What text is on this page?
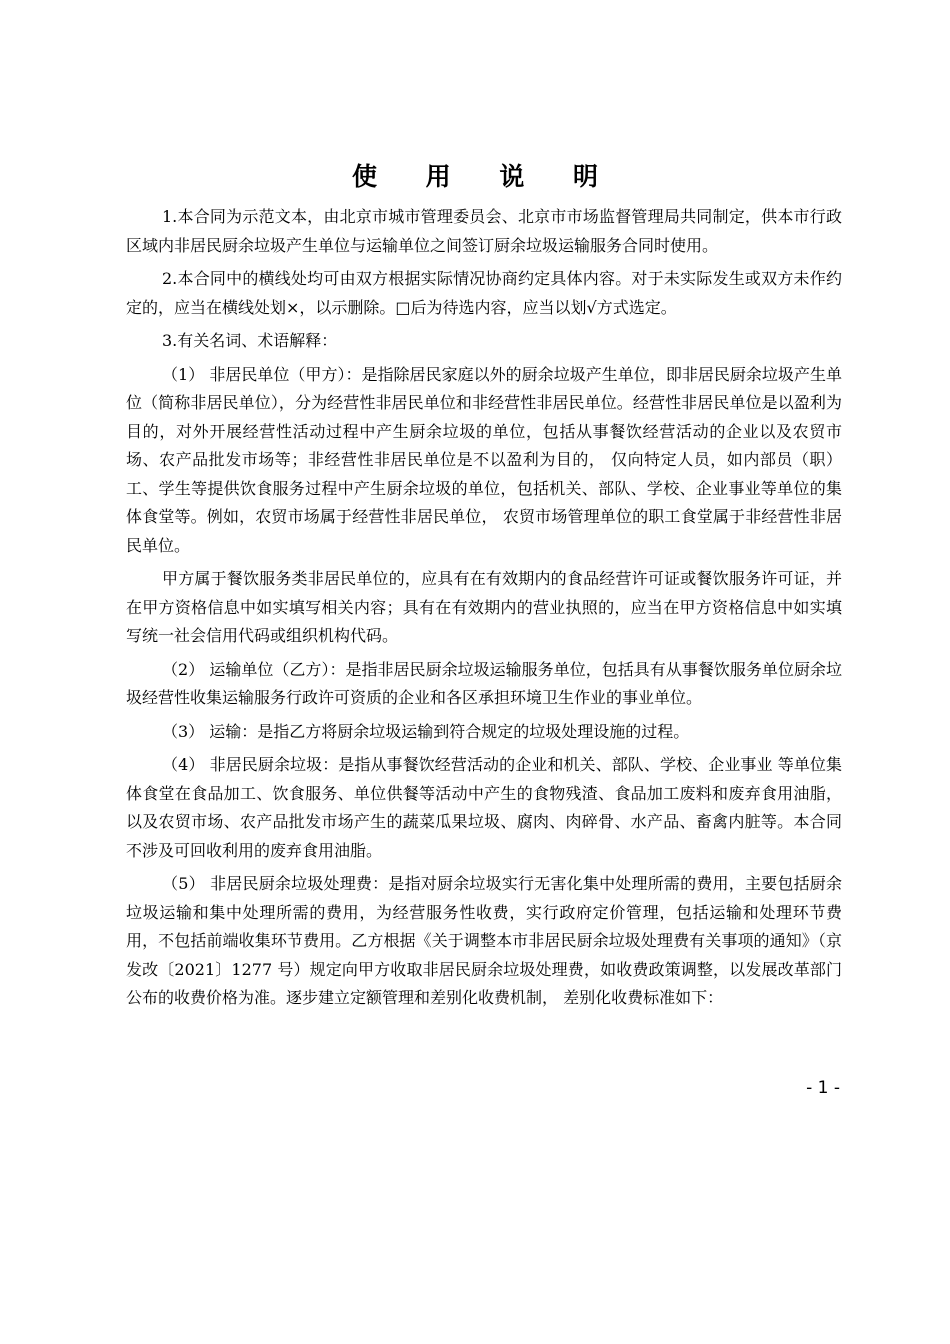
使 用 说 明

1.本合同为示范文本，由北京市城市管理委员会、北京市市场监督管理局共同制定，供本市行政区域内非居民厨余垃圾产生单位与运输单位之间签订厨余垃圾运输服务合同时使用。

2.本合同中的横线处均可由双方根据实际情况协商约定具体内容。对于未实际发生或双方未作约定的，应当在横线处划×，以示删除。□后为待选内容，应当以划√方式选定。

3.有关名词、术语解释：

（1） 非居民单位（甲方）：是指除居民家庭以外的厨余垃圾产生单位，即非居民厨余垃圾产生单位（简称非居民单位），分为经营性非居民单位和非经营性非居民单位。经营性非居民单位是以盈利为目的，对外开展经营性活动过程中产生厨余垃圾的单位，包括从事餐饮经营活动的企业以及农贸市场、农产品批发市场等；非经营性非居民单位是不以盈利为目的， 仅向特定人员，如内部员（职）工、学生等提供饮食服务过程中产生厨余垃圾的单位，包括机关、部队、学校、企业事业等单位的集体食堂等。例如，农贸市场属于经营性非居民单位， 农贸市场管理单位的职工食堂属于非经营性非居民单位。

甲方属于餐饮服务类非居民单位的，应具有在有效期内的食品经营许可证或餐饮服务许可证，并在甲方资格信息中如实填写相关内容；具有在有效期内的营业执照的，应当在甲方资格信息中如实填写统一社会信用代码或组织机构代码。

（2） 运输单位（乙方）：是指非居民厨余垃圾运输服务单位，包括具有从事餐饮服务单位厨余垃圾经营性收集运输服务行政许可资质的企业和各区承担环境卫生作业的事业单位。

（3） 运输：是指乙方将厨余垃圾运输到符合规定的垃圾处理设施的过程。

（4） 非居民厨余垃圾：是指从事餐饮经营活动的企业和机关、部队、学校、企业事业 等单位集体食堂在食品加工、饮食服务、单位供餐等活动中产生的食物残渣、食品加工废料和废弃食用油脂，以及农贸市场、农产品批发市场产生的蔬菜瓜果垃圾、腐肉、肉碎骨、水产品、畜禽内脏等。本合同不涉及可回收利用的废弃食用油脂。

（5） 非居民厨余垃圾处理费：是指对厨余垃圾实行无害化集中处理所需的费用，主要包括厨余垃圾运输和集中处理所需的费用，为经营服务性收费，实行政府定价管理，包括运输和处理环节费用，不包括前端收集环节费用。乙方根据《关于调整本市非居民厨余垃圾处理费有关事项的通知》（京发改〔2021〕1277 号）规定向甲方收取非居民厨余垃圾处理费，如收费政策调整，以发展改革部门公布的收费价格为准。逐步建立定额管理和差别化收费机制， 差别化收费标准如下：

- 1 -
